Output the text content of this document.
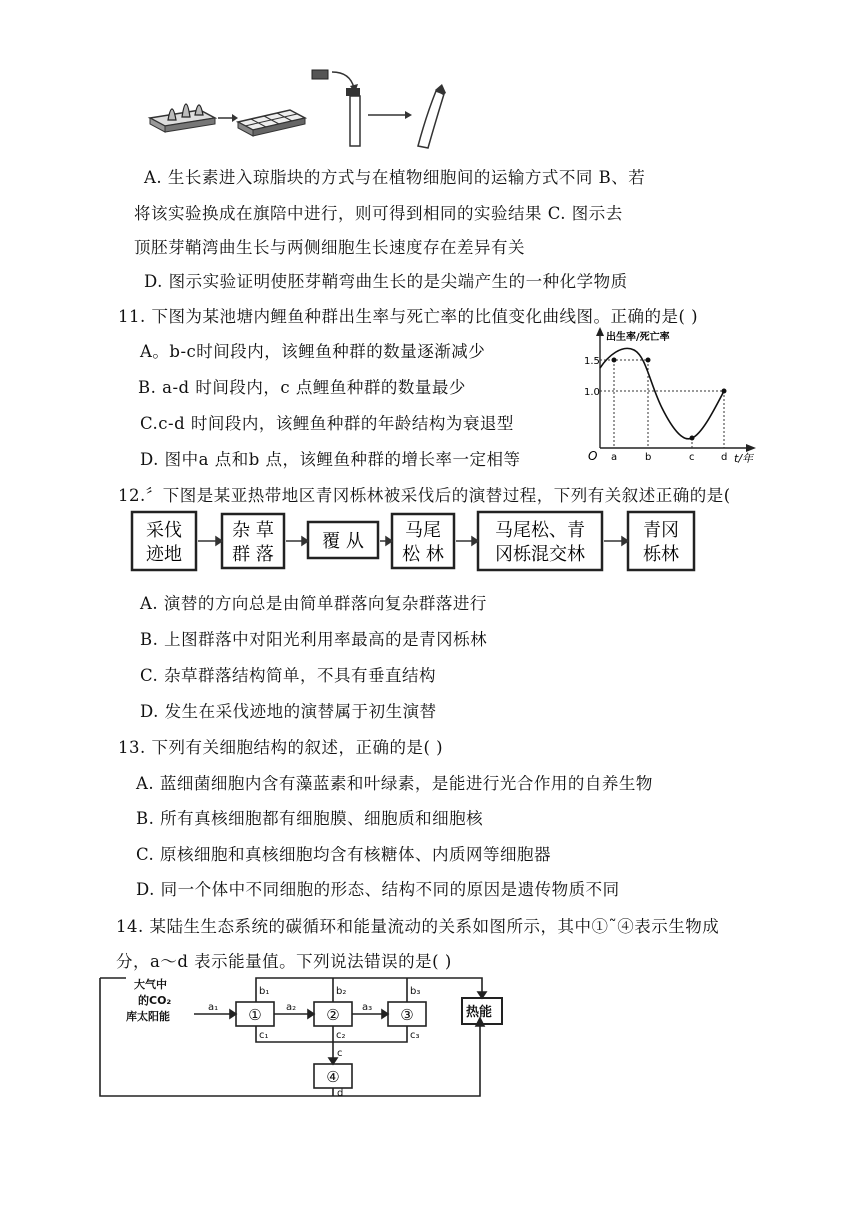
A. 生长素进入琼脂块的方式与在植物细胞间的运输方式不同 B、若
将该实验换成在旗陪中进行，则可得到相同的实验结果 C. 图示去
顶胚芽鞘湾曲生长与两侧细胞生长速度存在差异有关
D. 图示实验证明使胚芽鞘弯曲生长的是尖端产生的一种化学物质
11. 下图为某池塘内鲤鱼种群出生率与死亡率的比值变化曲线图。正确的是( )
A。b-c时间段内，该鲤鱼种群的数量逐渐减少
B. a-d 时间段内，c 点鲤鱼种群的数量最少
C.c-d 时间段内，该鲤鱼种群的年龄结构为衰退型
D. 图中a 点和b 点，该鲤鱼种群的增长率一定相等
出生率/死亡率
1.5
1.0
O a	b	c	d t/年
12.〞下图是某亚热带地区青冈栎林被采伐后的演替过程，下列有关叙述正确的是(
采伐
迹地
杂 草
群 落
覆 从
马尾
松 林
马尾松、青
冈栎混交林
青冈
栎林
A. 演替的方向总是由简单群落向复杂群落进行
B. 上图群落中对阳光利用率最高的是青冈栎林
C. 杂草群落结构简单，不具有垂直结构
D. 发生在采伐迹地的演替属于初生演替
13. 下列有关细胞结构的叙述，正确的是( )
A. 蓝细菌细胞内含有藻蓝素和叶绿素，是能进行光合作用的自养生物
B. 所有真核细胞都有细胞膜、细胞质和细胞核
C. 原核细胞和真核细胞均含有核糖体、内质网等细胞器
D. 同一个体中不同细胞的形态、结构不同的原因是遗传物质不同
14. 某陆生生态系统的碳循环和能量流动的关系如图所示，其中①˜④表示生物成
分，a～d 表示能量值。下列说法错误的是( )
大气中
的CO₂
库太阳能	热能
①	②	③
④
a₁	a₂	a₃
b₁	b₂	b₃
c₁	c₂	c₃
c
d
